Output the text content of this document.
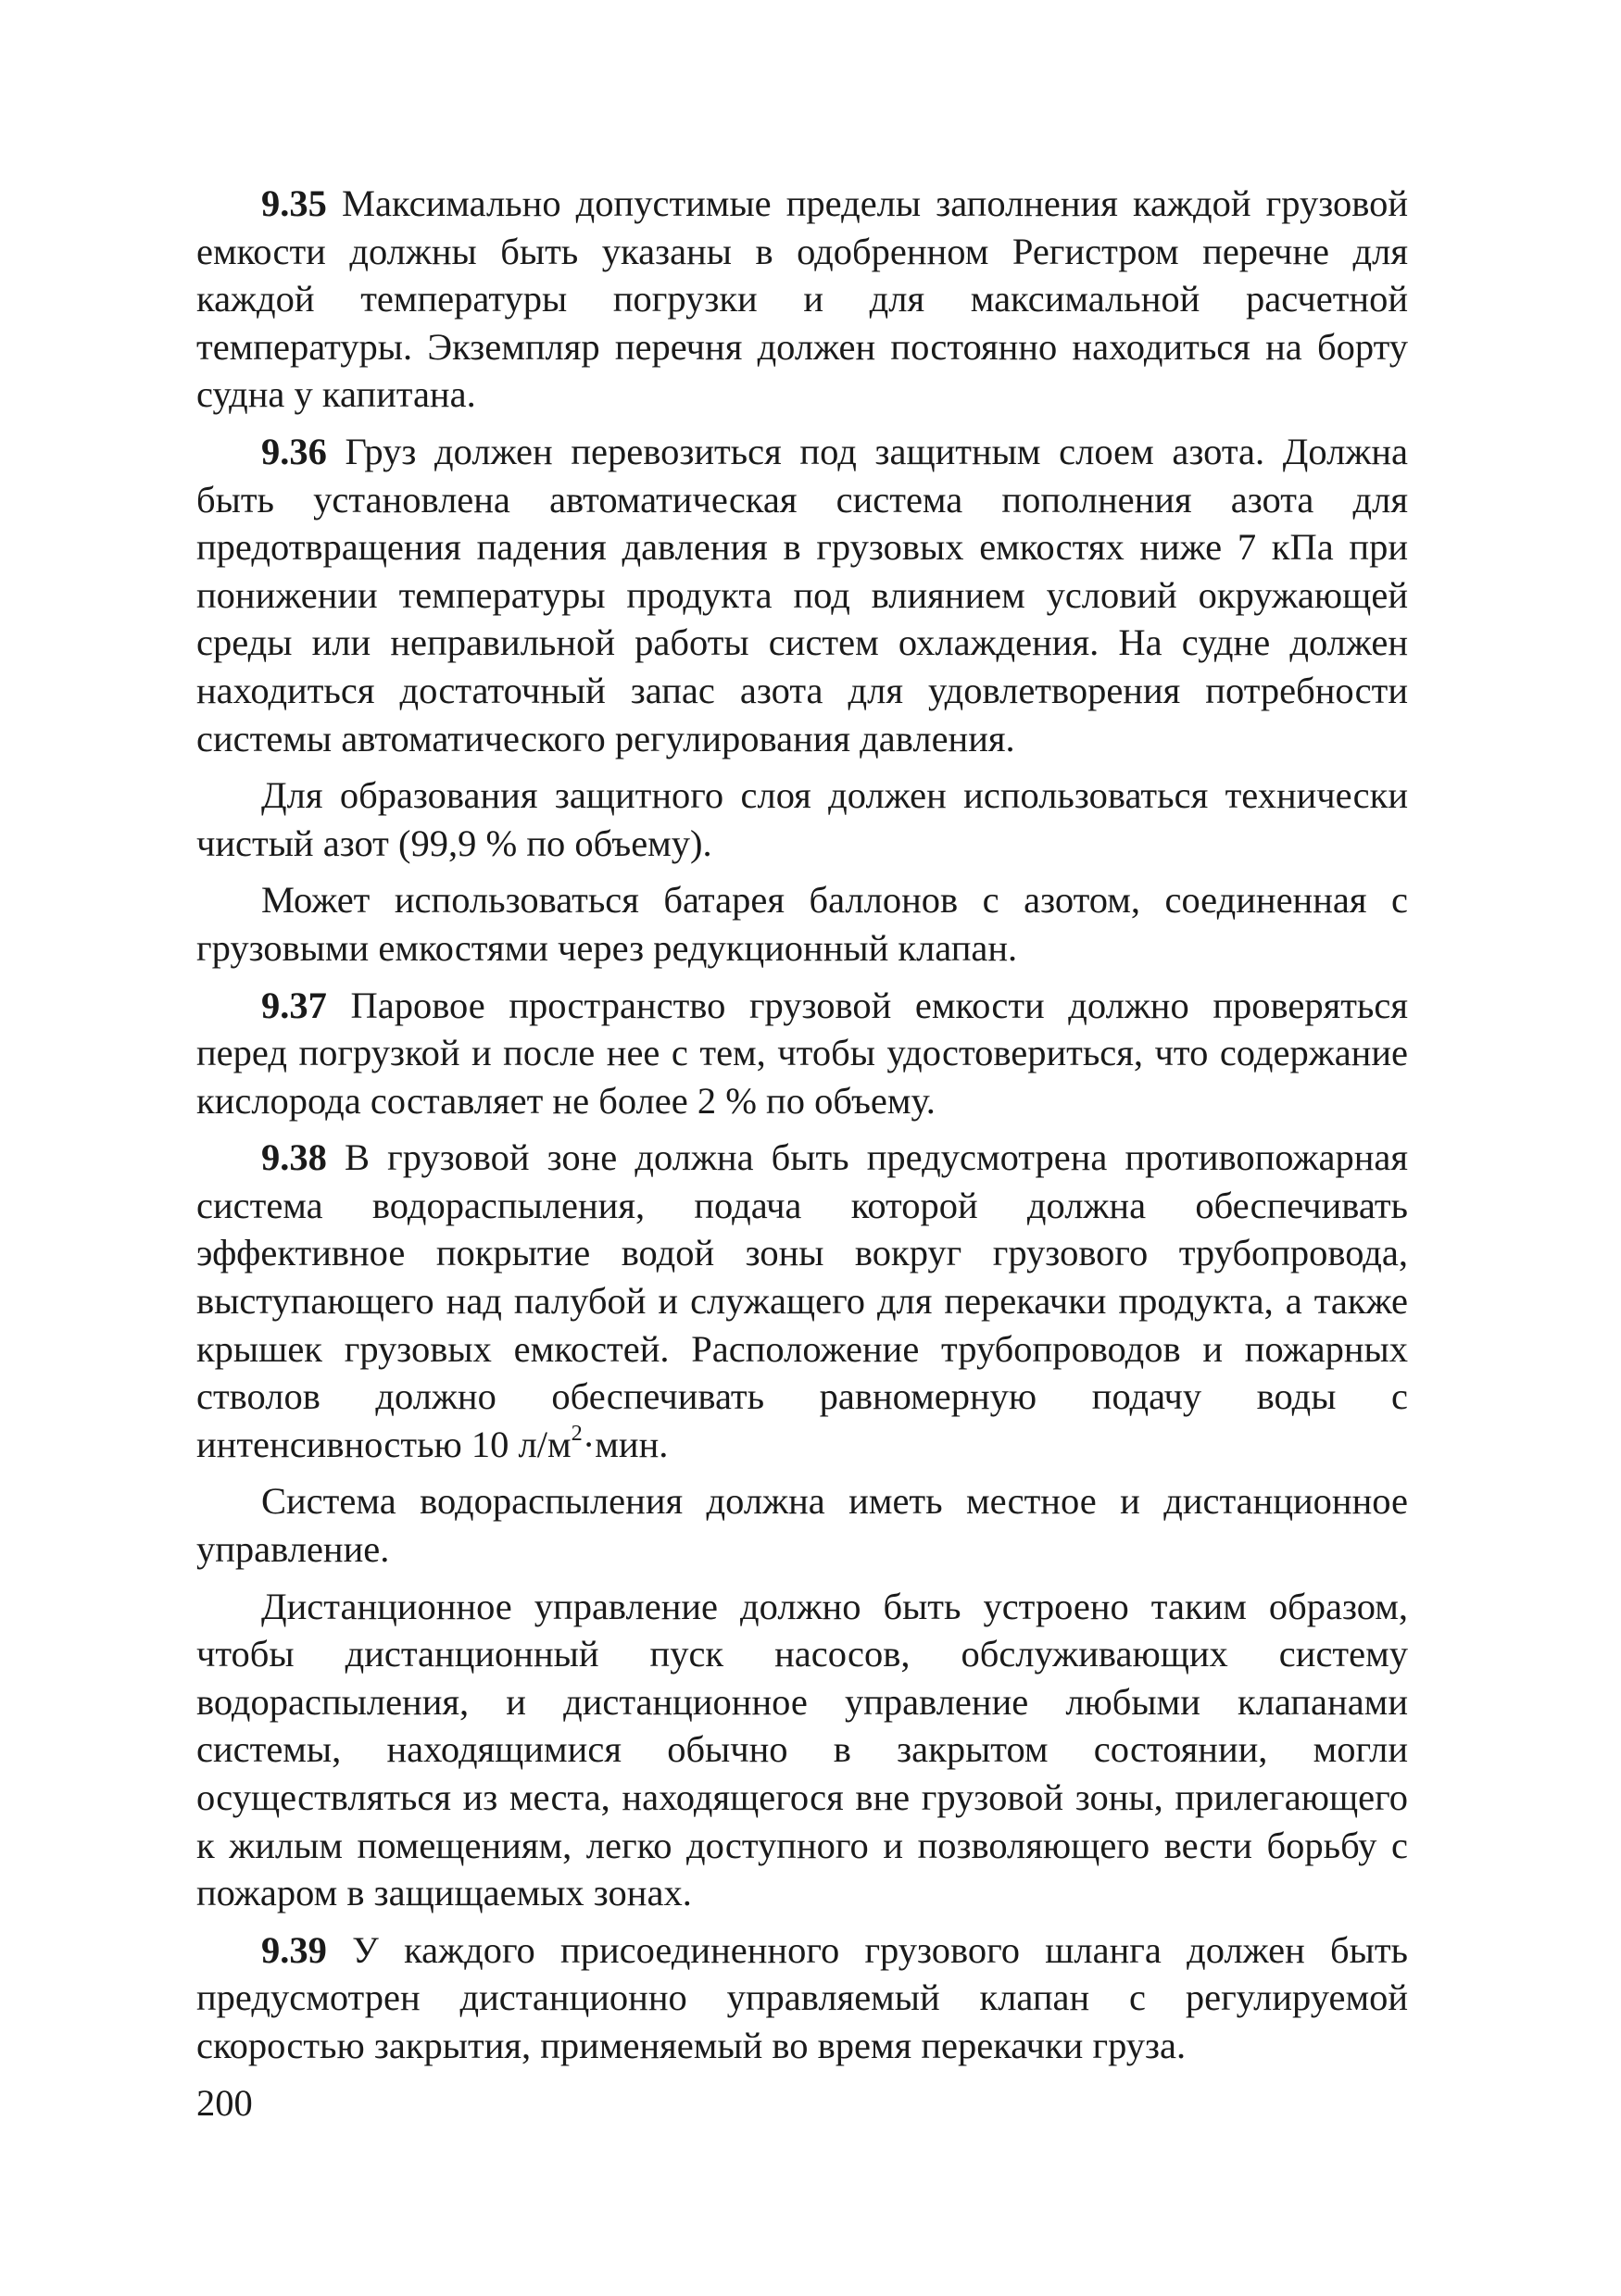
9.35 Максимально допустимые пределы заполнения каждой грузовой емкости должны быть указаны в одобренном Регистром перечне для каждой температуры погрузки и для максимальной расчетной температуры. Экземпляр перечня должен постоянно находиться на борту судна у капитана.

9.36 Груз должен перевозиться под защитным слоем азота. Должна быть установлена автоматическая система пополнения азота для предотвращения падения давления в грузовых емкостях ниже 7 кПа при понижении температуры продукта под влиянием условий окружающей среды или неправильной работы систем охлаждения. На судне должен находиться достаточный запас азота для удовлетворения потребности системы автоматического регулирования давления.

Для образования защитного слоя должен использоваться технически чистый азот (99,9 % по объему).

Может использоваться батарея баллонов с азотом, соединенная с грузовыми емкостями через редукционный клапан.

9.37 Паровое пространство грузовой емкости должно проверяться перед погрузкой и после нее с тем, чтобы удостовериться, что содержание кислорода составляет не более 2 % по объему.

9.38 В грузовой зоне должна быть предусмотрена противопожарная система водораспыления, подача которой должна обеспечивать эффективное покрытие водой зоны вокруг грузового трубопровода, выступающего над палубой и служащего для перекачки продукта, а также крышек грузовых емкостей. Расположение трубопроводов и пожарных стволов должно обеспечивать равномерную подачу воды с интенсивностью 10 $л/м^2\cdot мин$.

Система водораспыления должна иметь местное и дистанционное управление.

Дистанционное управление должно быть устроено таким образом, чтобы дистанционный пуск насосов, обслуживающих систему водораспыления, и дистанционное управление любыми клапанами системы, находящимися обычно в закрытом состоянии, могли осуществляться из места, находящегося вне грузовой зоны, прилегающего к жилым помещениям, легко доступного и позволяющего вести борьбу с пожаром в защищаемых зонах.

9.39 У каждого присоединенного грузового шланга должен быть предусмотрен дистанционно управляемый клапан с регулируемой скоростью закрытия, применяемый во время перекачки груза.

200
